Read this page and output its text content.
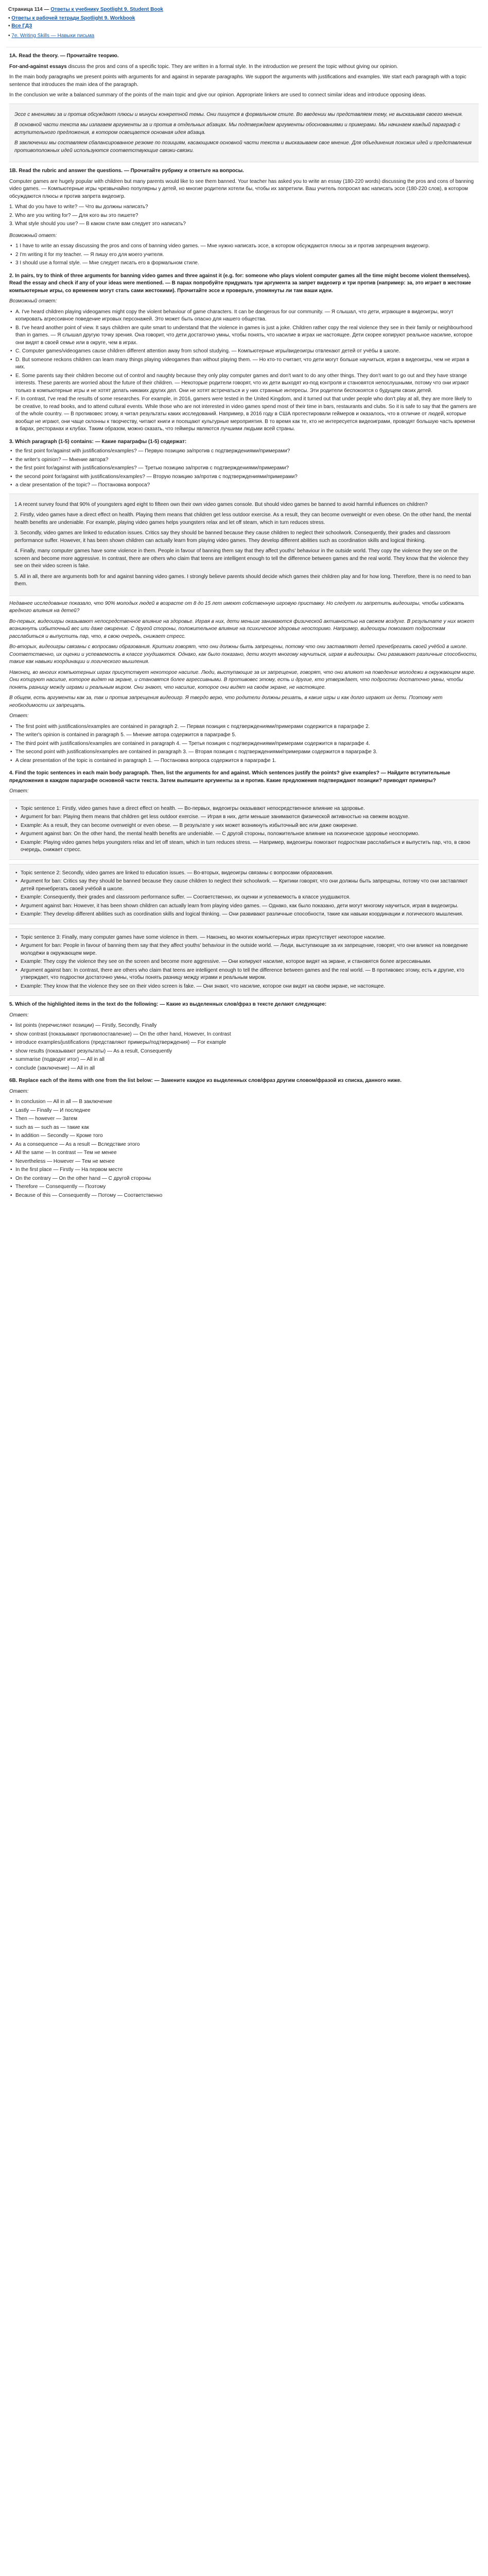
Страница 114 — Ответы к учебнику Spotlight 9. Student Book
• Ответы к рабочей тетради Spotlight 9. Workbook
• Все ГДЗ
• 7e. Writing Skills — Навыки письма
1A. Read the theory. — Прочитайте теорию.

For-and-against essays discuss the pros and cons of a specific topic. They are written in a formal style. In the introduction we present the topic without giving our opinion.

In the main body paragraphs we present points with arguments for and against in separate paragraphs. We support the arguments with justifications and examples. We start each paragraph with a topic sentence that introduces the main idea of the paragraph.

In the conclusion we write a balanced summary of the points of the main topic and give our opinion. Appropriate linkers are used to connect similar ideas and introduce opposing ideas.

Эссе с мнениями за и против обсуждают плюсы и минусы конкретной темы. Они пишутся в формальном стиле. Во введении мы представляем тему, не высказывая своего мнения.

В основной части текста мы излагаем аргументы за и против в отдельных абзацах. Мы подтверждаем аргументы обоснованиями и примерами. Мы начинаем каждый параграф с вступительного предложения, в котором освещается основная идея абзаца.

В заключении мы составляем сбалансированное резюме по позициям, касающимся основной части текста и высказываем свое мнение. Для объединения похожих идей и представления противоположных идей используются соответствующие связки-связки.

1B. Read the rubric and answer the questions. — Прочитайте рубрику и ответьте на вопросы.

Computer games are hugely popular with children but many parents would like to see them banned. Your teacher has asked you to write an essay (180-220 words) discussing the pros and cons of banning video games. — Компьютерные игры чрезвычайно популярны у детей, но многие родители хотели бы, чтобы их запретили. Ваш учитель попросил вас написать эссе (180-220 слов), в котором обсуждаются плюсы и против запрета видеоигр.

1. What do you have to write? — Что вы должны написать?
2. Who are you writing for? — Для кого вы это пишете?
3. What style should you use? — В каком стиле вам следует это написать?

Возможный ответ:

• 1 I have to write an essay discussing the pros and cons of banning video games. — Мне нужно написать эссе, в котором обсуждаются плюсы за и против запрещения видеоигр.
• 2 I'm writing it for my teacher. — Я пишу его для моего учителя.
• 3 I should use a formal style. — Мне следует писать его в формальном стиле.
2. In pairs, try to think of three arguments for banning video games and three against it (e.g. for: someone who plays violent computer games all the time might become violent themselves). Read the essay and check if any of your ideas were mentioned. — В парах попробуйте придумать три аргумента за запрет видеоигр и три против (например: за, это играет в жестокие компьютерные игры, со временем могут стать сами жестокими). Прочитайте эссе и проверьте, упомянуты ли там ваши идеи.

Возможный ответ:

• A. I've heard children playing videogames might copy the violent behaviour of game characters. It can be dangerous for our community. — Я слышал, что дети, играющие в видеоигры, могут копировать агрессивное поведение игровых персонажей. Это может быть опасно для нашего общества.
• B. I've heard another point of view. It says children are quite smart to understand that the violence in games is just a joke. Children rather copy the real violence they see in their family or neighbourhood than in games. — Я слышал другую точку зрения. Она говорит, что дети достаточно умны, чтобы понять, что насилие в играх не настоящее. Дети скорее копируют реальное насилие, которое они видят в своей семье или в округе, чем в играх.
• C. Computer games/videogames cause children different attention away from school studying. — Компьютерные игры/видеоигры отвлекают детей от учёбы в школе.
• D. But someone reckons children can learn many things playing videogames than without playing them. — Но кто-то считает, что дети могут больше научиться, играя в видеоигры, чем не играя в них.
• E. Some parents say their children become out of control and naughty because they only play computer games and don't want to do any other things. They don't want to go out and they have strange interests. These parents are worried about the future of their children. — Некоторые родители говорят, что их дети выходят из-под контроля и становятся непослушными, потому что они играют только в компьютерные игры и не хотят делать никаких других дел. Они не хотят встречаться и у них странные интересы. Эти родители беспокоятся о будущем своих детей.
• F. In contrast, I've read the results of some researches. For example, in 2016, gamers were tested in the United Kingdom, and it turned out that under people who don't play at all, they are more likely to be creative, to read books, and to attend cultural events. While those who are not interested in video games spend most of their time in bars, restaurants and clubs. So it is safe to say that the gamers are of the whole country. — В противовес этому, я читал результаты каких исследований. Например, в 2016 году в США протестировали геймеров и оказалось, что в отличие от людей, которые вообще не играют, они чаще склонны к творчеству, читают книги и посещают культурные мероприятия. В то время как те, кто не интересуется видеоиграми, проводят большую часть времени в барах, ресторанах и клубах. Таким образом, можно сказать, что геймеры являются лучшими людьми всей страны.
3. Which paragraph (1-5) contains: — Какие параграфы (1-5) содержат:
• the first point for/against with justifications/examples? — Первую позицию за/против с подтверждениями/примерами?
• the writer's opinion? — Мнение автора?
• the first point for/against with justifications/examples? — Третью позицию за/против с подтверждениями/примерами?
• the second point for/against with justifications/examples? — Вторую позицию за/против с подтверждениями/примерами?
• a clear presentation of the topic? — Постановка вопроса?

1 A recent survey found that 90% of youngsters aged eight to fifteen own their own video games console. But should video games be banned to avoid harmful influences on children?

2. Firstly, video games have a direct effect on health. Playing them means that children get less outdoor exercise. As a result, they can become overweight or even obese. On the other hand, the mental health benefits are undeniable. For example, playing video games helps youngsters relax and let off steam, which in turn reduces stress.

3. Secondly, video games are linked to education issues. Critics say they should be banned because they cause children to neglect their schoolwork. Consequently, their grades and classroom performance suffer. However, it has been shown children can actually learn from playing video games. They develop different abilities such as coordination skills and logical thinking.

4. Finally, many computer games have some violence in them. People in favour of banning them say that they affect youths' behaviour in the outside world. They copy the violence they see on the screen and become more aggressive. In contrast, there are others who claim that teens are intelligent enough to tell the difference between games and the real world. They know that the violence they see on their video screen is fake.

5. All in all, there are arguments both for and against banning video games. I strongly believe parents should decide which games their children play and for how long. Therefore, there is no need to ban them.

Недавнее исследование показало, что 90% молодых людей в возрасте от 8 до 15 лет имеют собственную игровую приставку. Но следует ли запретить видеоигры, чтобы избежать вредного влияния на детей?

Во-первых, видеоигры оказывают непосредственное влияние на здоровье. Играя в них, дети меньше занимаются физической активностью на свежем воздухе. В результате у них может возникнуть избыточный вес или даже ожирение. С другой стороны, положительное влияние на психическое здоровье неоспоримо. Например, видеоигры помогают подросткам расслабиться и выпустить пар, что, в свою очередь, снижает стресс.

Во-вторых, видеоигры связаны с вопросами образования. Критики говорят, что они должны быть запрещены, потому что они заставляют детей пренебрегать своей учёбой в школе. Соответственно, их оценки и успеваемость в классе ухудшаются. Однако, как было показано, дети могут многому научиться, играя в видеоигры. Они развивают различные способности, такие как навыки координации и логического мышления.

Наконец, во многих компьютерных играх присутствует некоторое насилие. Люди, выступающие за их запрещение, говорят, что они влияют на поведение молодежи в окружающем мире. Они копируют насилие, которое видят на экране, и становятся более агрессивными. В противовес этому, есть и другие, кто утверждает, что подростки достаточно умны, чтобы понять разницу между играми и реальным миром. Они знают, что насилие, которое они видят на своём экране, не настоящее.

В общем, есть аргументы как за, так и против запрещения видеоигр. Я твердо верю, что родители должны решать, в какие игры и как долго играют их дети. Поэтому нет необходимости их запрещать.

Ответ:

• The first point with justifications/examples are contained in paragraph 2. — Первая позиция с подтверждениями/примерами содержится в параграфе 2.
• The writer's opinion is contained in paragraph 5. — Мнение автора содержится в параграфе 5.
• The third point with justifications/examples are contained in paragraph 4. — Третья позиция с подтверждениями/примерами содержится в параграфе 4.
• The second point with justifications/examples are contained in paragraph 3. — Вторая позиция с подтверждениями/примерами содержится в параграфе 3.
• A clear presentation of the topic is contained in paragraph 1. — Постановка вопроса содержится в параграфе 1.
4. Find the topic sentences in each main body paragraph. Then, list the arguments for and against. Which sentences justify the points? give examples? — Найдите вступительные предложения в каждом параграфе основной части текста. Затем выпишите аргументы за и против. Какие предложения подтверждают позиции? приводят примеры?

Ответ:

• Topic sentence 1: Firstly, video games have a direct effect on health. — Во-первых, видеоигры оказывают непосредственное влияние на здоровье.
• Argument for ban: Playing them means that children get less outdoor exercise. — Играя в них, дети меньше занимаются физической активностью на свежем воздухе.
• Example: As a result, they can become overweight or even obese. — В результате у них может возникнуть избыточный вес или даже ожирение.
• Argument against ban: On the other hand, the mental health benefits are undeniable. — С другой стороны, положительное влияние на психическое здоровье неоспоримо.
• Example: Playing video games helps youngsters relax and let off steam, which in turn reduces stress. — Например, видеоигры помогают подросткам расслабиться и выпустить пар, что, в свою очередь, снижает стресс.
• Topic sentence 2: Secondly, video games are linked to education issues. — Во-вторых, видеоигры связаны с вопросами образования.
• Argument for ban: Critics say they should be banned because they cause children to neglect their schoolwork. — Критики говорят, что они должны быть запрещены, потому что они заставляют детей пренебрегать своей учёбой в школе.
• Example: Consequently, their grades and classroom performance suffer. — Соответственно, их оценки и успеваемость в классе ухудшаются.
• Argument against ban: However, it has been shown children can actually learn from playing video games. — Однако, как было показано, дети могут многому научиться, играя в видеоигры.
• Example: They develop different abilities such as coordination skills and logical thinking. — Они развивают различные способности, такие как навыки координации и логического мышления.
• Topic sentence 3: Finally, many computer games have some violence in them. — Наконец, во многих компьютерных играх присутствует некоторое насилие.
• Argument for ban: People in favour of banning them say that they affect youths' behaviour in the outside world. — Люди, выступающие за их запрещение, говорят, что они влияют на поведение молодёжи в окружающем мире.
• Example: They copy the violence they see on the screen and become more aggressive. — Они копируют насилие, которое видят на экране, и становятся более агрессивными.
• Argument against ban: In contrast, there are others who claim that teens are intelligent enough to tell the difference between games and the real world. — В противовес этому, есть и другие, кто утверждает, что подростки достаточно умны, чтобы понять разницу между играми и реальным миром.
• Example: They know that the violence they see on their video screen is fake. — Они знают, что насилие, которое они видят на своём экране, не настоящее.
5. Which of the highlighted items in the text do the following: — Какие из выделенных слов/фраз в тексте делают следующее:

Ответ:

• list points (перечисляют позиции) — Firstly, Secondly, Finally
• show contrast (показывают противопоставление) — On the other hand, However, In contrast
• introduce examples/justifications (представляют примеры/подтверждения) — For example
• show results (показывают результаты) — As a result, Consequently
• summarise (подводят итог) — All in all
• conclude (заключение) — All in all
6B. Replace each of the items with one from the list below: — Замените каждое из выделенных слов/фраз другим словом/фразой из списка, данного ниже.

Ответ:

• In conclusion — All in all — В заключение
• Lastly — Finally — И последнее
• Then — however — Затем
• such as — such as — такие как
• In addition — Secondly — Кроме того
• As a consequence — As a result — Вследствие этого
• All the same — In contrast — Тем не менее
• Nevertheless — However — Тем не менее
• In the first place — Firstly — На первом месте
• On the contrary — On the other hand — С другой стороны
• Therefore — Consequently — Поэтому
• Because of this — Consequently — Потому — Соответственно
